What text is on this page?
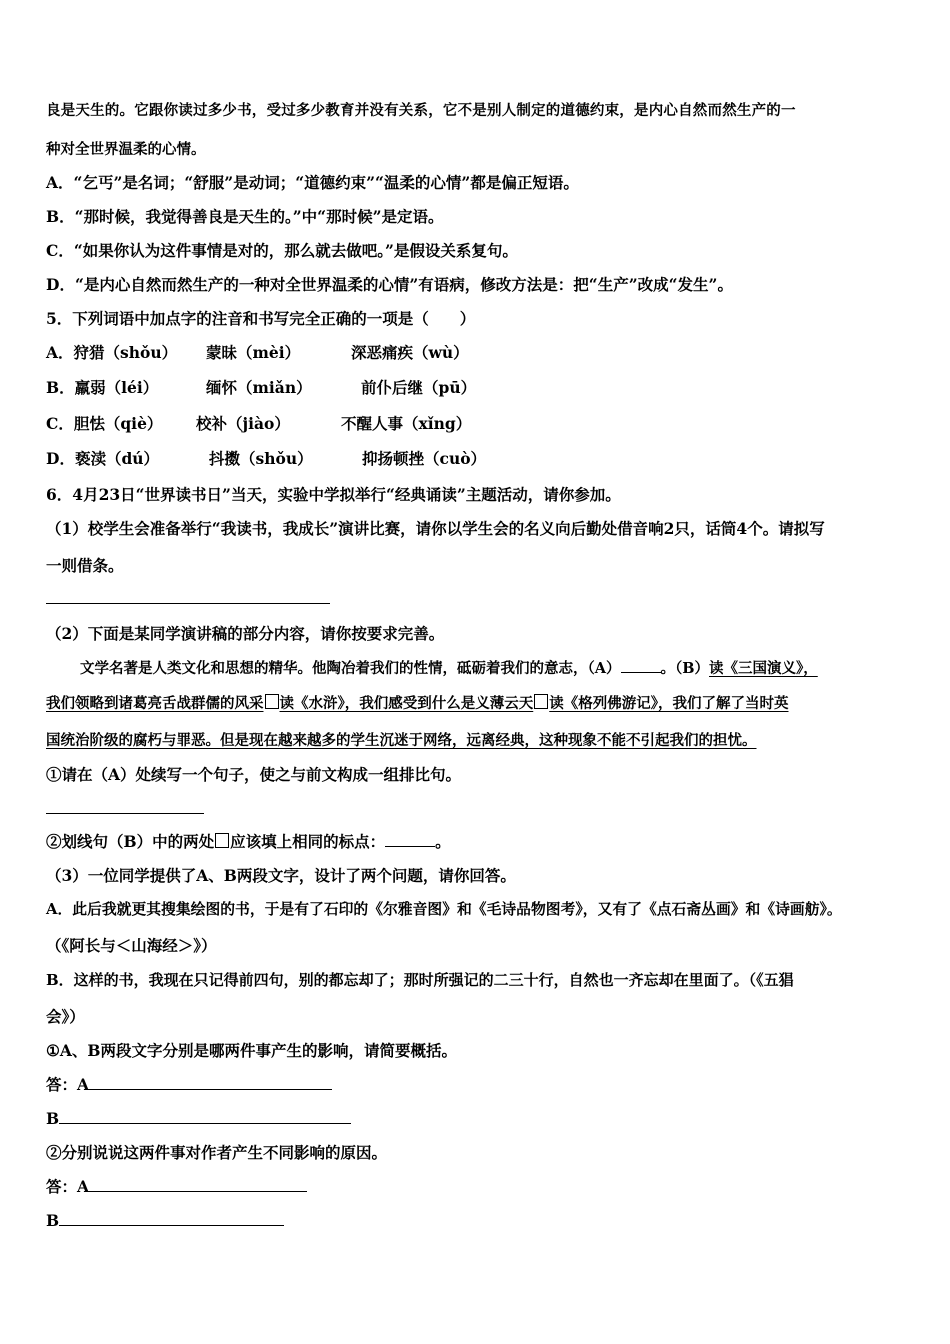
良是天生的。它跟你读过多少书，受过多少教育并没有关系，它不是别人制定的道德约束，是内心自然而然生产的一
种对全世界温柔的心情。
A．“乞丐”是名词；“舒服”是动词；“道德约束”“温柔的心情”都是偏正短语。
B．“那时候，我觉得善良是天生的。”中“那时候”是定语。
C．“如果你认为这件事情是对的，那么就去做吧。”是假设关系复句。
D．“是内心自然而然生产的一种对全世界温柔的心情”有语病，修改方法是：把“生产”改成“发生”。
5．下列词语中加点字的注音和书写完全正确的一项是（　　）
A．狩猎（shǒu） 蒙昧（mèi）	深恶痛疾（wù）
B．羸弱（léi）	缅怀（miǎn）	前仆后继（pū）
C．胆怯（qiè） 校补（jiào）	不醒人事（xǐng）
D．亵渎（dú）	抖擞（shǒu）	抑扬顿挫（cuò）
6．4月23日“世界读书日”当天，实验中学拟举行“经典诵读”主题活动，请你参加。
（1）校学生会准备举行“我读书，我成长”演讲比赛，请你以学生会的名义向后勤处借音响2只，话筒4个。请拟写
一则借条。
（2）下面是某同学演讲稿的部分内容，请你按要求完善。
文学名著是人类文化和思想的精华。他陶冶着我们的性情，砥砺着我们的意志，（A）	。（B）读《三国演义》，
我们领略到诸葛亮舌战群儒的风采 读《水浒》，我们感受到什么是义薄云天 读《格列佛游记》，我们了解了当时英
国统治阶级的腐朽与罪恶。但是现在越来越多的学生沉迷于网络，远离经典，这种现象不能不引起我们的担忧。
①请在（A）处续写一个句子，使之与前文构成一组排比句。
②划线句（B）中的两处 应该填上相同的标点：	。
（3）一位同学提供了A、B两段文字，设计了两个问题，请你回答。
A．此后我就更其搜集绘图的书，于是有了石印的《尔雅音图》和《毛诗品物图考》，又有了《点石斋丛画》和《诗画舫》。
（《阿长与＜山海经＞》）
B．这样的书，我现在只记得前四句，别的都忘却了；那时所强记的二三十行，自然也一齐忘却在里面了。（《五猖
会》）
①A、B两段文字分别是哪两件事产生的影响，请简要概括。
答：A
B
②分别说说这两件事对作者产生不同影响的原因。
答：A
B
